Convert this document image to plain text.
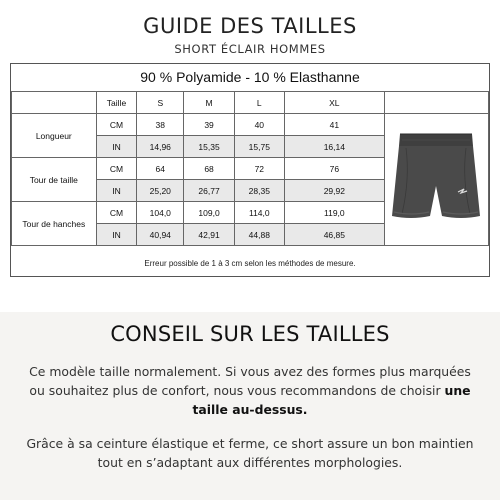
GUIDE DES TAILLES
SHORT ÉCLAIR HOMMES
90 % Polyamide - 10 % Elasthanne
	Taille	S	M	L	XL	
Longueur	CM	38	39	40	41	
	IN	14,96	15,35	15,75	16,14	
Tour de taille	CM	64	68	72	76	
	IN	25,20	26,77	28,35	29,92	
Tour de hanches	CM	104,0	109,0	114,0	119,0	
	IN	40,94	42,91	44,88	46,85	
Erreur possible de 1 à 3 cm selon les méthodes de mesure.
CONSEIL SUR LES TAILLES
Ce modèle taille normalement. Si vous avez des formes plus marquées ou souhaitez plus de confort, nous vous recommandons de choisir une taille au-dessus.
Grâce à sa ceinture élastique et ferme, ce short assure un bon maintien tout en s’adaptant aux différentes morphologies.
